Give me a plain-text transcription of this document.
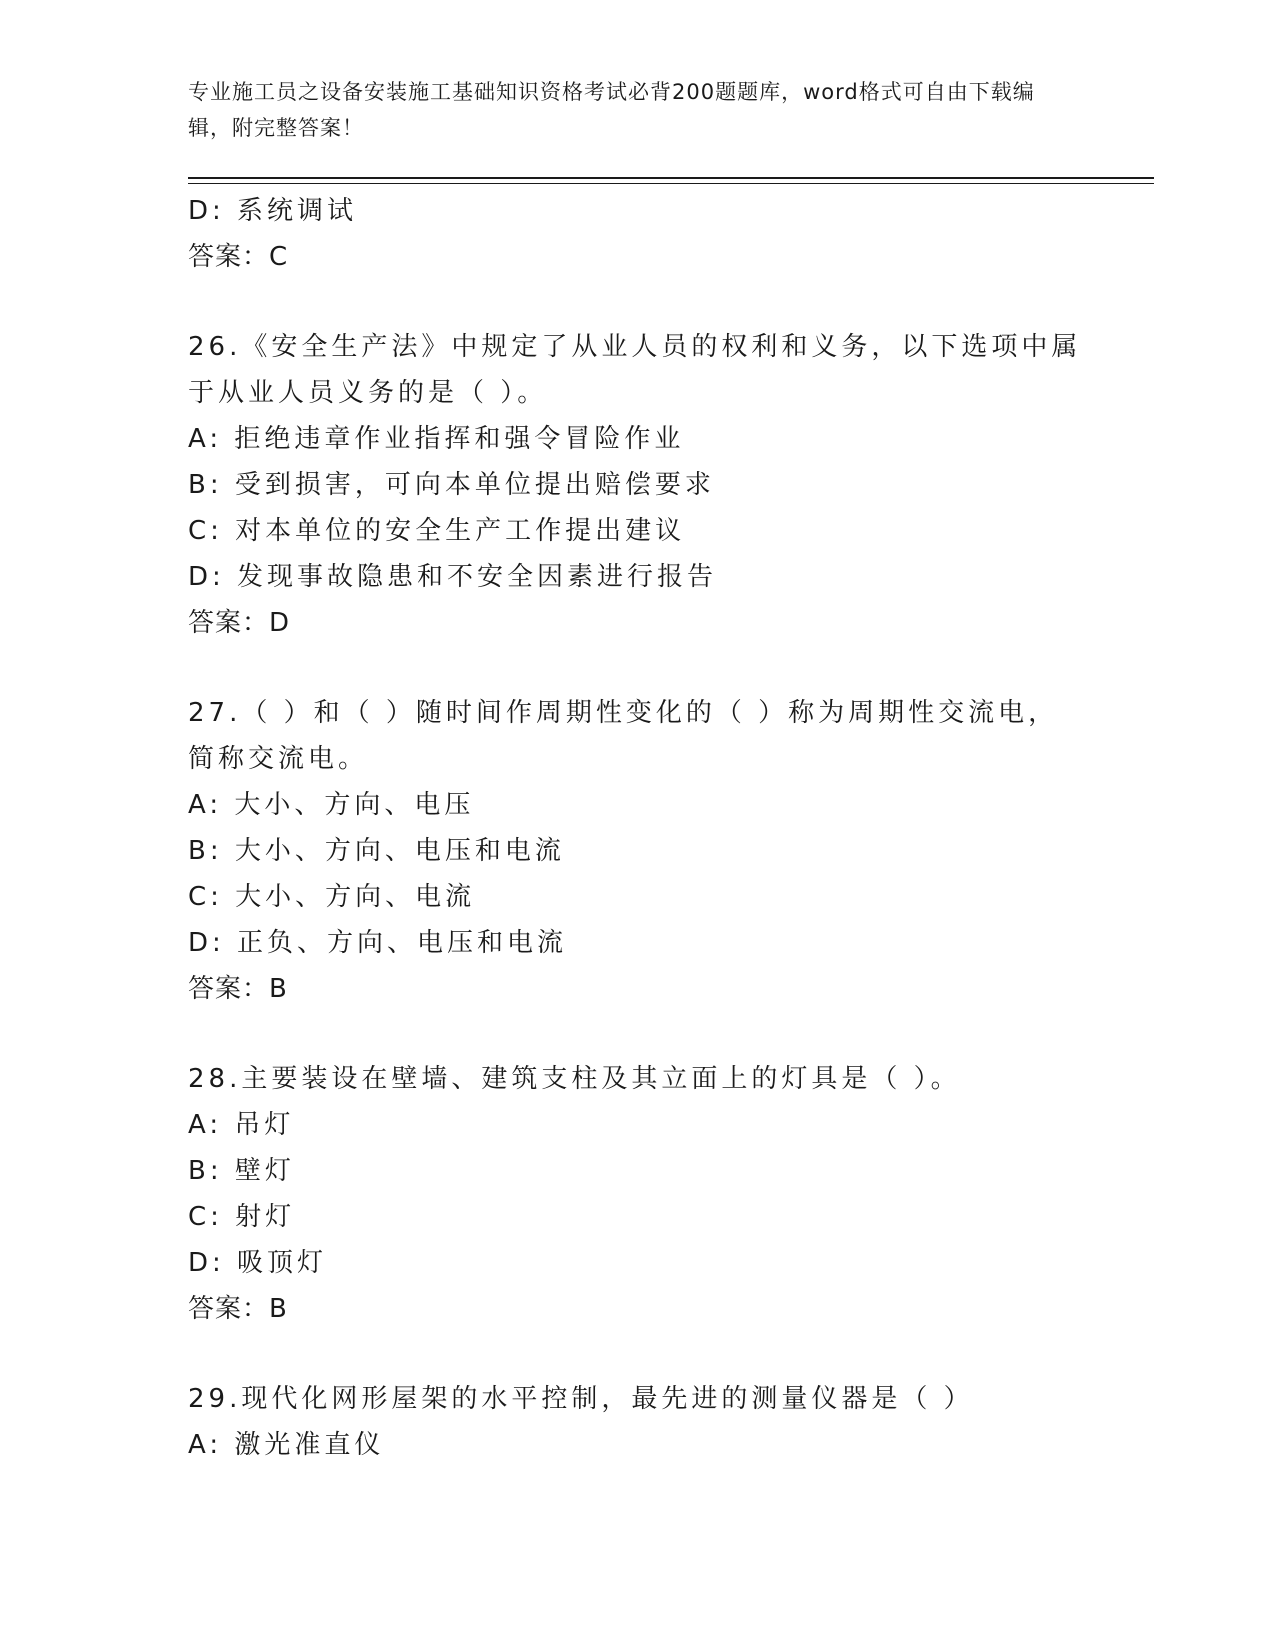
专业施工员之设备安装施工基础知识资格考试必背200题题库，word格式可自由下载编辑，附完整答案！
D: 系统调试
答案：C
26.《安全生产法》中规定了从业人员的权利和义务，以下选项中属于从业人员义务的是（ ）。
A: 拒绝违章作业指挥和强令冒险作业
B: 受到损害，可向本单位提出赔偿要求
C: 对本单位的安全生产工作提出建议
D: 发现事故隐患和不安全因素进行报告
答案：D
27.（ ）和（ ）随时间作周期性变化的（ ）称为周期性交流电，简称交流电。
A: 大小、方向、电压
B: 大小、方向、电压和电流
C: 大小、方向、电流
D: 正负、方向、电压和电流
答案：B
28.主要装设在壁墙、建筑支柱及其立面上的灯具是（ ）。
A: 吊灯
B: 壁灯
C: 射灯
D: 吸顶灯
答案：B
29.现代化网形屋架的水平控制，最先进的测量仪器是（ ）
A: 激光准直仪
